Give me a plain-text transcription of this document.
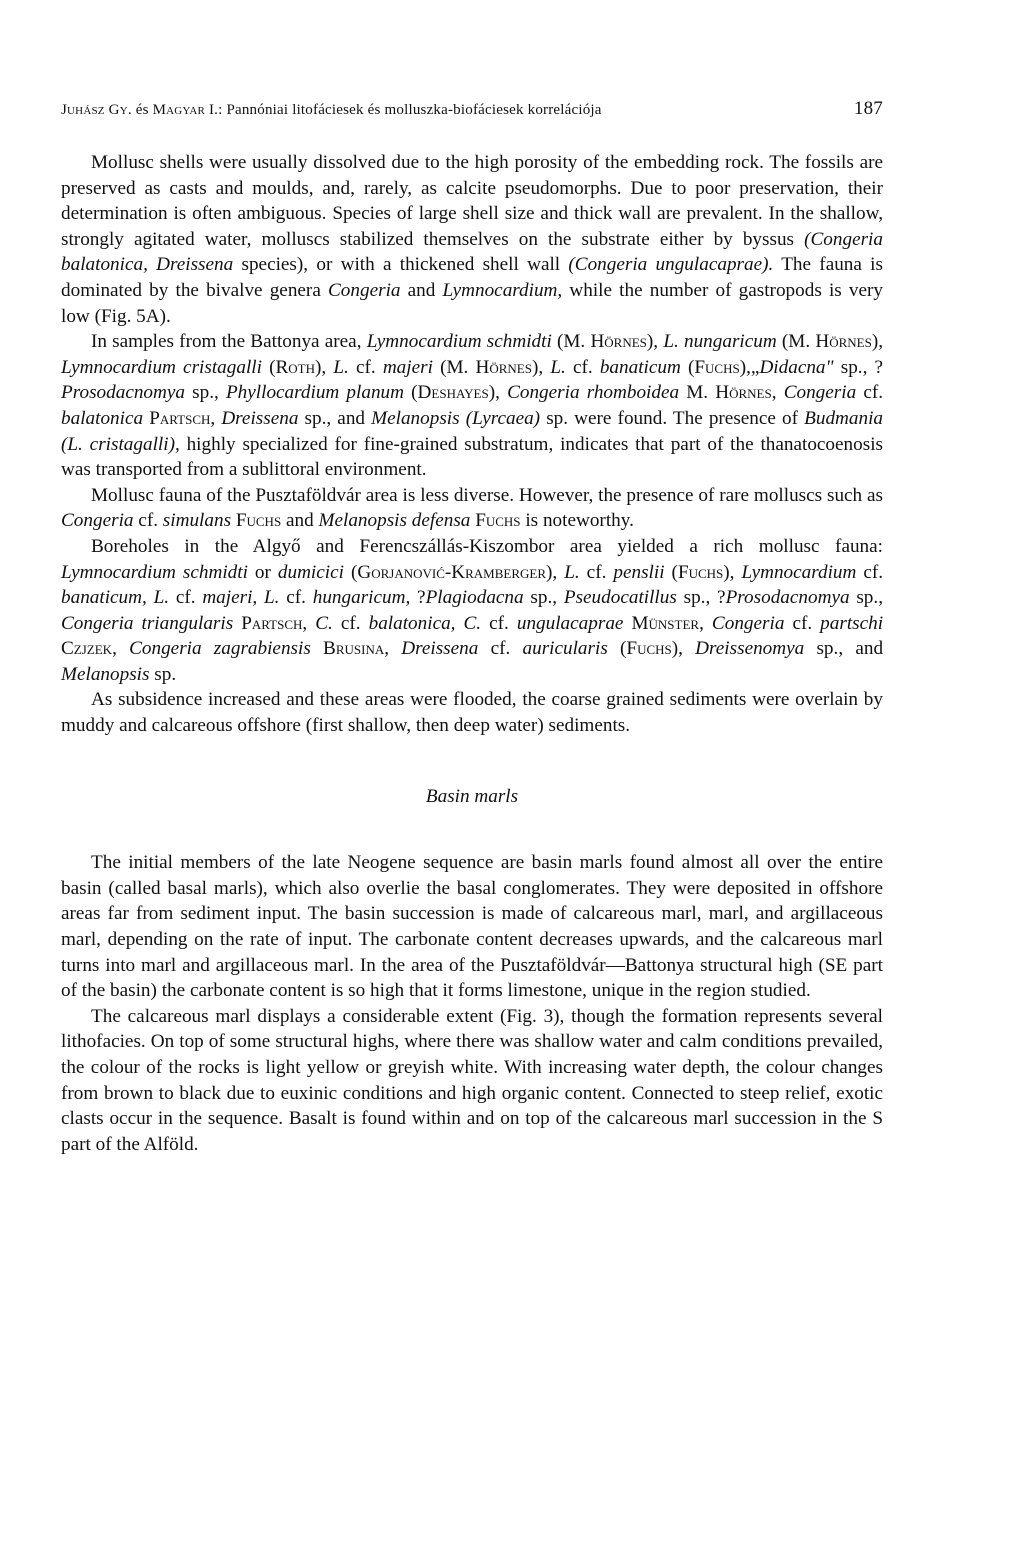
Juhász Gy. és Magyar I.: Pannóniai litofáciesek és molluszka-biofáciesek korrelációja	187

Mollusc shells were usually dissolved due to the high porosity of the embedding rock. The fossils are preserved as casts and moulds, and, rarely, as calcite pseudomorphs. Due to poor preservation, their determination is often ambiguous. Species of large shell size and thick wall are prevalent. In the shallow, strongly agitated water, molluscs stabilized themselves on the substrate either by byssus (Congeria balatonica, Dreissena species), or with a thickened shell wall (Congeria ungulacaprae). The fauna is dominated by the bivalve genera Congeria and Lymnocardium, while the number of gastropods is very low (Fig. 5A).

In samples from the Battonya area, Lymnocardium schmidti (M. Hörnes), L. nungaricum (M. Hörnes), Lymnocardium cristagalli (Roth), L. cf. majeri (M. Hörnes), L. cf. banaticum (Fuchs),„Didacna" sp., ?Prosodacnomya sp., Phyllocardium planum (Deshayes), Congeria rhomboidea M. Hörnes, Congeria cf. balatonica Partsch, Dreissena sp., and Melanopsis (Lyrcaea) sp. were found. The presence of Budmania (L. cristagalli), highly specialized for fine-grained substratum, indicates that part of the thanatocoenosis was transported from a sublittoral environment.

Mollusc fauna of the Pusztaföldvár area is less diverse. However, the presence of rare molluscs such as Congeria cf. simulans Fuchs and Melanopsis defensa Fuchs is noteworthy.

Boreholes in the Algyő and Ferencszállás-Kiszombor area yielded a rich mollusc fauna: Lymnocardium schmidti or dumicici (Gorjanović-Kramberger), L. cf. penslii (Fuchs), Lymnocardium cf. banaticum, L. cf. majeri, L. cf. hungaricum, ?Plagiodacna sp., Pseudocatillus sp., ?Prosodacnomya sp., Congeria triangularis Partsch, C. cf. balatonica, C. cf. ungulacaprae Münster, Congeria cf. partschi Czjzek, Congeria zagrabiensis Brusina, Dreissena cf. auricularis (Fuchs), Dreissenomya sp., and Melanopsis sp.

As subsidence increased and these areas were flooded, the coarse grained sediments were overlain by muddy and calcareous offshore (first shallow, then deep water) sediments.

Basin marls

The initial members of the late Neogene sequence are basin marls found almost all over the entire basin (called basal marls), which also overlie the basal conglomerates. They were deposited in offshore areas far from sediment input. The basin succession is made of calcareous marl, marl, and argillaceous marl, depending on the rate of input. The carbonate content decreases upwards, and the calcareous marl turns into marl and argillaceous marl. In the area of the Pusztaföldvár—Battonya structural high (SE part of the basin) the carbonate content is so high that it forms limestone, unique in the region studied.

The calcareous marl displays a considerable extent (Fig. 3), though the formation represents several lithofacies. On top of some structural highs, where there was shallow water and calm conditions prevailed, the colour of the rocks is light yellow or greyish white. With increasing water depth, the colour changes from brown to black due to euxinic conditions and high organic content. Connected to steep relief, exotic clasts occur in the sequence. Basalt is found within and on top of the calcareous marl succession in the S part of the Alföld.
